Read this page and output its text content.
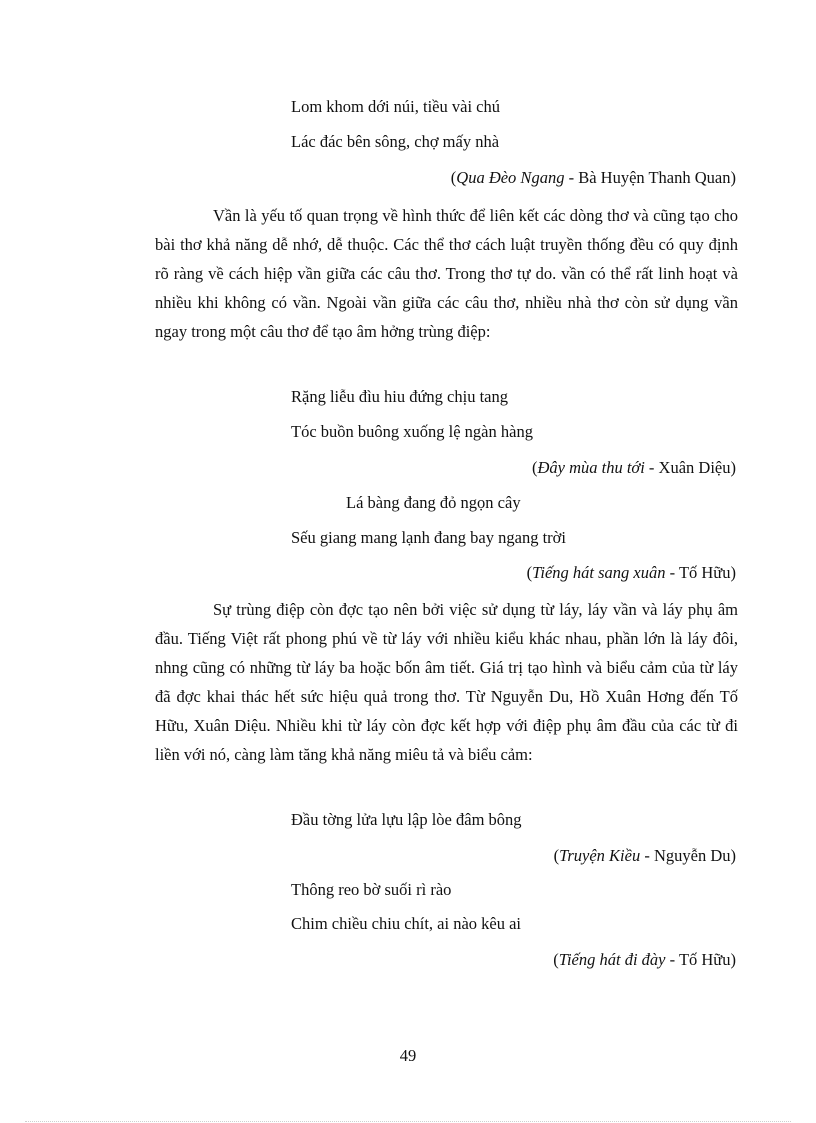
Lom khom dới núi, tiều vài chú
Lác đác bên sông, chợ mấy nhà
(Qua Đèo Ngang - Bà Huyện Thanh Quan)

Vần là yếu tố quan trọng về hình thức để liên kết các dòng thơ và cũng tạo cho bài thơ khả năng dễ nhớ, dễ thuộc. Các thể thơ cách luật truyền thống đều có quy định rõ ràng về cách hiệp vần giữa các câu thơ. Trong thơ tự do. vần có thể rất linh hoạt và nhiều khi không có vần. Ngoài vần giữa các câu thơ, nhiều nhà thơ còn sử dụng vần ngay trong một câu thơ để tạo âm hởng trùng điệp:

Rặng liễu đìu hiu đứng chịu tang
Tóc buồn buông xuống lệ ngàn hàng
(Đây mùa thu tới - Xuân Diệu)
Lá bàng đang đỏ ngọn cây
Sếu giang mang lạnh đang bay ngang trời
(Tiếng hát sang xuân - Tố Hữu)

Sự trùng điệp còn đợc tạo nên bởi việc sử dụng từ láy, láy vần và láy phụ âm đầu. Tiếng Việt rất phong phú về từ láy với nhiều kiểu khác nhau, phần lớn là láy đôi, nhng cũng có những từ láy ba hoặc bốn âm tiết. Giá trị tạo hình và biểu cảm của từ láy đã đợc khai thác hết sức hiệu quả trong thơ. Từ Nguyễn Du, Hồ Xuân Hơng đến Tố Hữu, Xuân Diệu. Nhiều khi từ láy còn đợc kết hợp với điệp phụ âm đầu của các từ đi liền với nó, càng làm tăng khả năng miêu tả và biểu cảm:

Đầu tờng lửa lựu lập lòe đâm bông
(Truyện Kiều - Nguyễn Du)
Thông reo bờ suối rì rào
Chim chiều chiu chít, ai nào kêu ai
(Tiếng hát đi đày - Tố Hữu)
49
